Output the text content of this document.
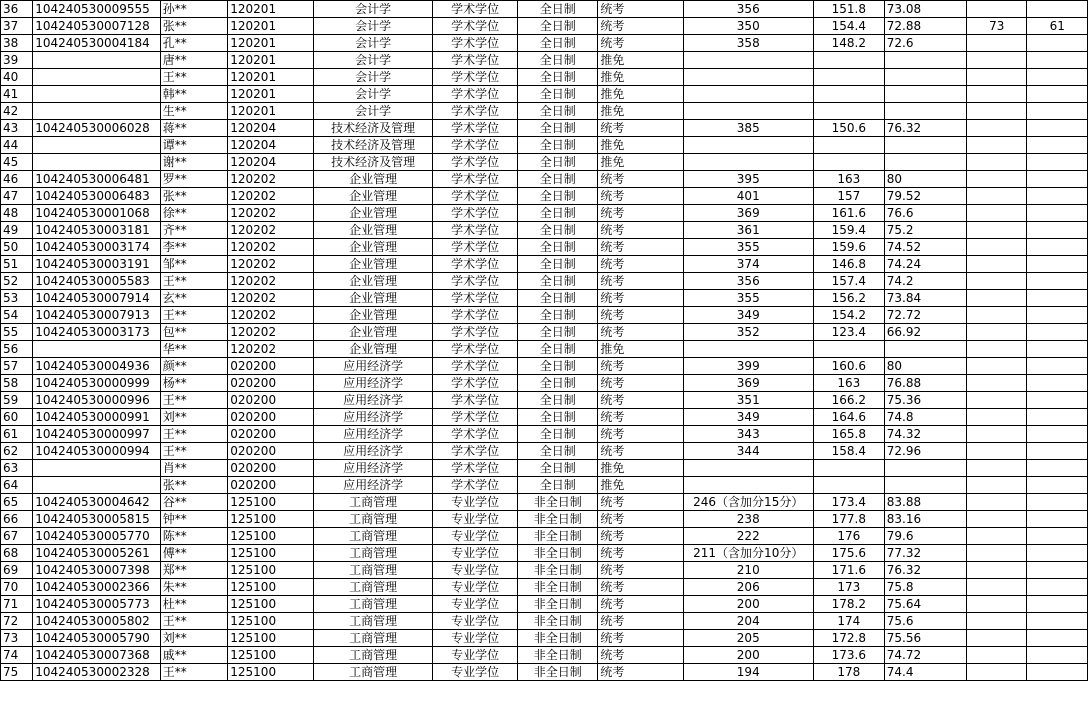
36	104240530009555	孙**	120201	会计学	学术学位	全日制	统考	356	151.8	73.08		
37	104240530007128	张**	120201	会计学	学术学位	全日制	统考	350	154.4	72.88	73	61
38	104240530004184	孔**	120201	会计学	学术学位	全日制	统考	358	148.2	72.6		
39		唐**	120201	会计学	学术学位	全日制	推免					
40		王**	120201	会计学	学术学位	全日制	推免					
41		韩**	120201	会计学	学术学位	全日制	推免					
42		生**	120201	会计学	学术学位	全日制	推免					
43	104240530006028	蒋**	120204	技术经济及管理	学术学位	全日制	统考	385	150.6	76.32		
44		谭**	120204	技术经济及管理	学术学位	全日制	推免					
45		谢**	120204	技术经济及管理	学术学位	全日制	推免					
46	104240530006481	罗**	120202	企业管理	学术学位	全日制	统考	395	163	80		
47	104240530006483	张**	120202	企业管理	学术学位	全日制	统考	401	157	79.52		
48	104240530001068	徐**	120202	企业管理	学术学位	全日制	统考	369	161.6	76.6		
49	104240530003181	齐**	120202	企业管理	学术学位	全日制	统考	361	159.4	75.2		
50	104240530003174	李**	120202	企业管理	学术学位	全日制	统考	355	159.6	74.52		
51	104240530003191	邹**	120202	企业管理	学术学位	全日制	统考	374	146.8	74.24		
52	104240530005583	王**	120202	企业管理	学术学位	全日制	统考	356	157.4	74.2		
53	104240530007914	玄**	120202	企业管理	学术学位	全日制	统考	355	156.2	73.84		
54	104240530007913	王**	120202	企业管理	学术学位	全日制	统考	349	154.2	72.72		
55	104240530003173	包**	120202	企业管理	学术学位	全日制	统考	352	123.4	66.92		
56		华**	120202	企业管理	学术学位	全日制	推免					
57	104240530004936	颜**	020200	应用经济学	学术学位	全日制	统考	399	160.6	80		
58	104240530000999	杨**	020200	应用经济学	学术学位	全日制	统考	369	163	76.88		
59	104240530000996	王**	020200	应用经济学	学术学位	全日制	统考	351	166.2	75.36		
60	104240530000991	刘**	020200	应用经济学	学术学位	全日制	统考	349	164.6	74.8		
61	104240530000997	王**	020200	应用经济学	学术学位	全日制	统考	343	165.8	74.32		
62	104240530000994	王**	020200	应用经济学	学术学位	全日制	统考	344	158.4	72.96		
63		肖**	020200	应用经济学	学术学位	全日制	推免					
64		张**	020200	应用经济学	学术学位	全日制	推免					
65	104240530004642	谷**	125100	工商管理	专业学位	非全日制	统考	246（含加分15分）	173.4	83.88		
66	104240530005815	钟**	125100	工商管理	专业学位	非全日制	统考	238	177.8	83.16		
67	104240530005770	陈**	125100	工商管理	专业学位	非全日制	统考	222	176	79.6		
68	104240530005261	傅**	125100	工商管理	专业学位	非全日制	统考	211（含加分10分）	175.6	77.32		
69	104240530007398	郑**	125100	工商管理	专业学位	非全日制	统考	210	171.6	76.32		
70	104240530002366	朱**	125100	工商管理	专业学位	非全日制	统考	206	173	75.8		
71	104240530005773	杜**	125100	工商管理	专业学位	非全日制	统考	200	178.2	75.64		
72	104240530005802	王**	125100	工商管理	专业学位	非全日制	统考	204	174	75.6		
73	104240530005790	刘**	125100	工商管理	专业学位	非全日制	统考	205	172.8	75.56		
74	104240530007368	戚**	125100	工商管理	专业学位	非全日制	统考	200	173.6	74.72		
75	104240530002328	王**	125100	工商管理	专业学位	非全日制	统考	194	178	74.4		
